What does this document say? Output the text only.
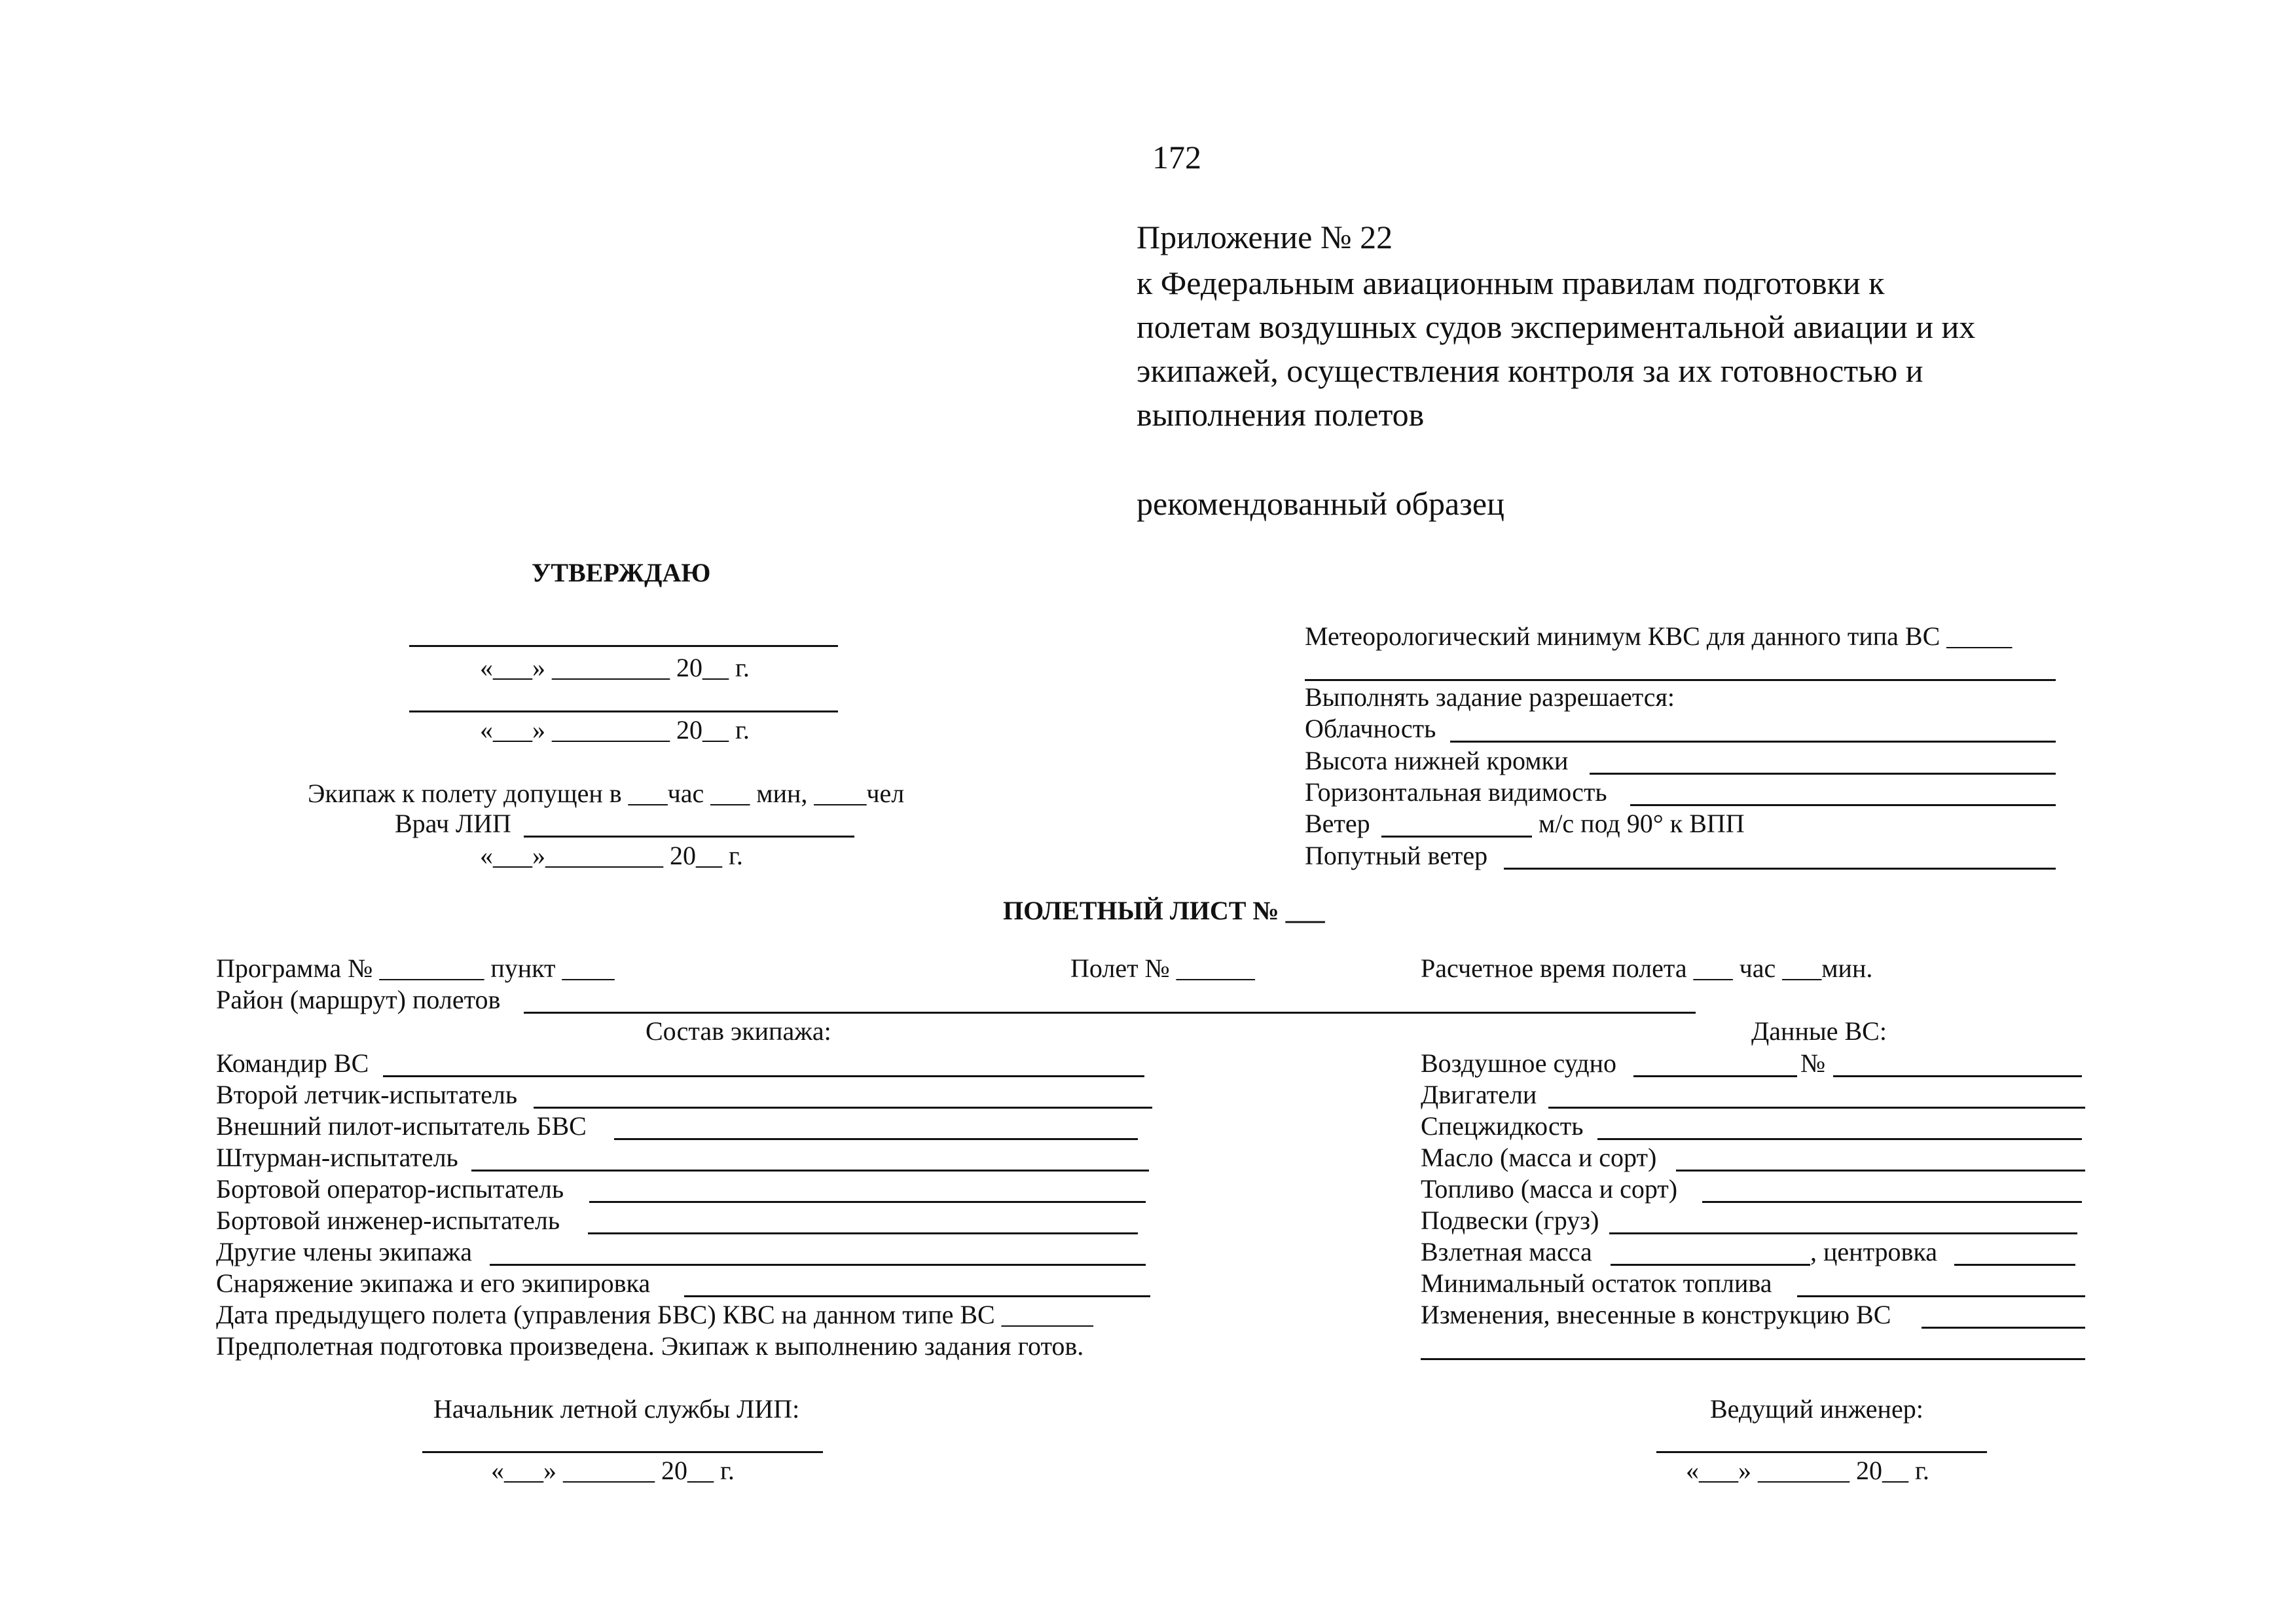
172
Приложение № 22
к Федеральным авиационным правилам подготовки к
полетам воздушных судов экспериментальной авиации и их
экипажей, осуществления контроля за их готовностью и
выполнения полетов
рекомендованный образец
УТВЕРЖДАЮ
«___» _________ 20__ г.
«___» _________ 20__ г.
Экипаж к полету допущен в ___час ___ мин, ____чел
Врач ЛИП
«___»_________ 20__ г.
Метеорологический минимум КВС для данного типа ВС _____
Выполнять задание разрешается:
Облачность
Высота нижней кромки
Горизонтальная видимость
Ветер	м/с под 90° к ВПП
Попутный ветер
ПОЛЕТНЫЙ ЛИСТ № ___
Программа № ________ пункт ____	Полет № ______	Расчетное время полета ___ час ___мин.
Район (маршрут) полетов
Состав экипажа:
Командир ВС
Второй летчик-испытатель
Внешний пилот-испытатель БВС
Штурман-испытатель
Бортовой оператор-испытатель
Бортовой инженер-испытатель
Другие члены экипажа
Снаряжение экипажа и его экипировка
Дата предыдущего полета (управления БВС) КВС на данном типе ВС _______
Предполетная подготовка произведена. Экипаж к выполнению задания готов.
Данные ВС:
Воздушное судно	№
Двигатели
Спецжидкость
Масло (масса и сорт)
Топливо (масса и сорт)
Подвески (груз)
Взлетная масса	, центровка
Минимальный остаток топлива
Изменения, внесенные в конструкцию ВС
Начальник летной службы ЛИП:
«___» _______ 20__ г.
Ведущий инженер:
«___» _______ 20__ г.
